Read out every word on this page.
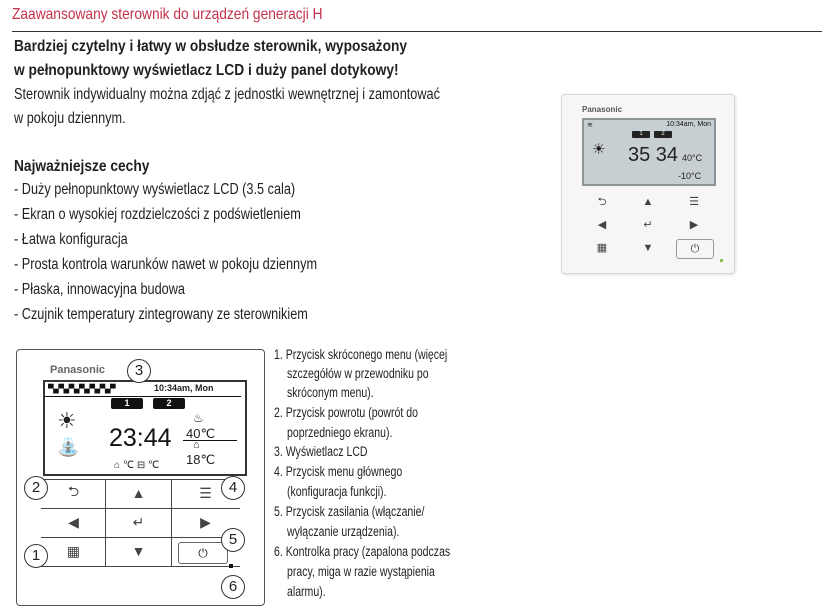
Zaawansowany sterownik do urządzeń generacji H
Bardziej czytelny i łatwy w obsłudze sterownik, wyposażony
w pełnopunktowy wyświetlacz LCD i duży panel dotykowy!
Sterownik indywidualny można zdjąć z jednostki wewnętrznej i zamontować
w pokoju dziennym.
Najważniejsze cechy
- Duży pełnopunktowy wyświetlacz LCD (3.5 cala)
- Ekran o wysokiej rozdzielczości z podświetleniem
- Łatwa konfiguracja
- Prosta kontrola warunków nawet w pokoju dziennym
- Płaska, innowacyjna budowa
- Czujnik temperatury zintegrowany ze sterownikiem
Panasonic
≋	10:34am, Mon
1	2
☀ 35 34 40°C
-10°C
⮌	▲	☰
◀	↵	▶
▦	▼	⏻
Panasonic
▀▄▀▄▀▄▀▄▀▄▀▄▀	10:34am, Mon
1	2
☀
⛲ 23:44
♨
40℃
⌂
18℃
⌂ ℃ ⊟ ℃
⮌	▲	☰
◀	↵	▶
▦	▼	⏻
1
2
3
4
5
6
1. Przycisk skróconego menu (więcej
szczegółów w przewodniku po
skróconym menu).
2. Przycisk powrotu (powrót do
poprzedniego ekranu).
3. Wyświetlacz LCD
4. Przycisk menu głównego
(konfiguracja funkcji).
5. Przycisk zasilania (włączanie/
wyłączanie urządzenia).
6. Kontrolka pracy (zapalona podczas
pracy, miga w razie wystąpienia
alarmu).
